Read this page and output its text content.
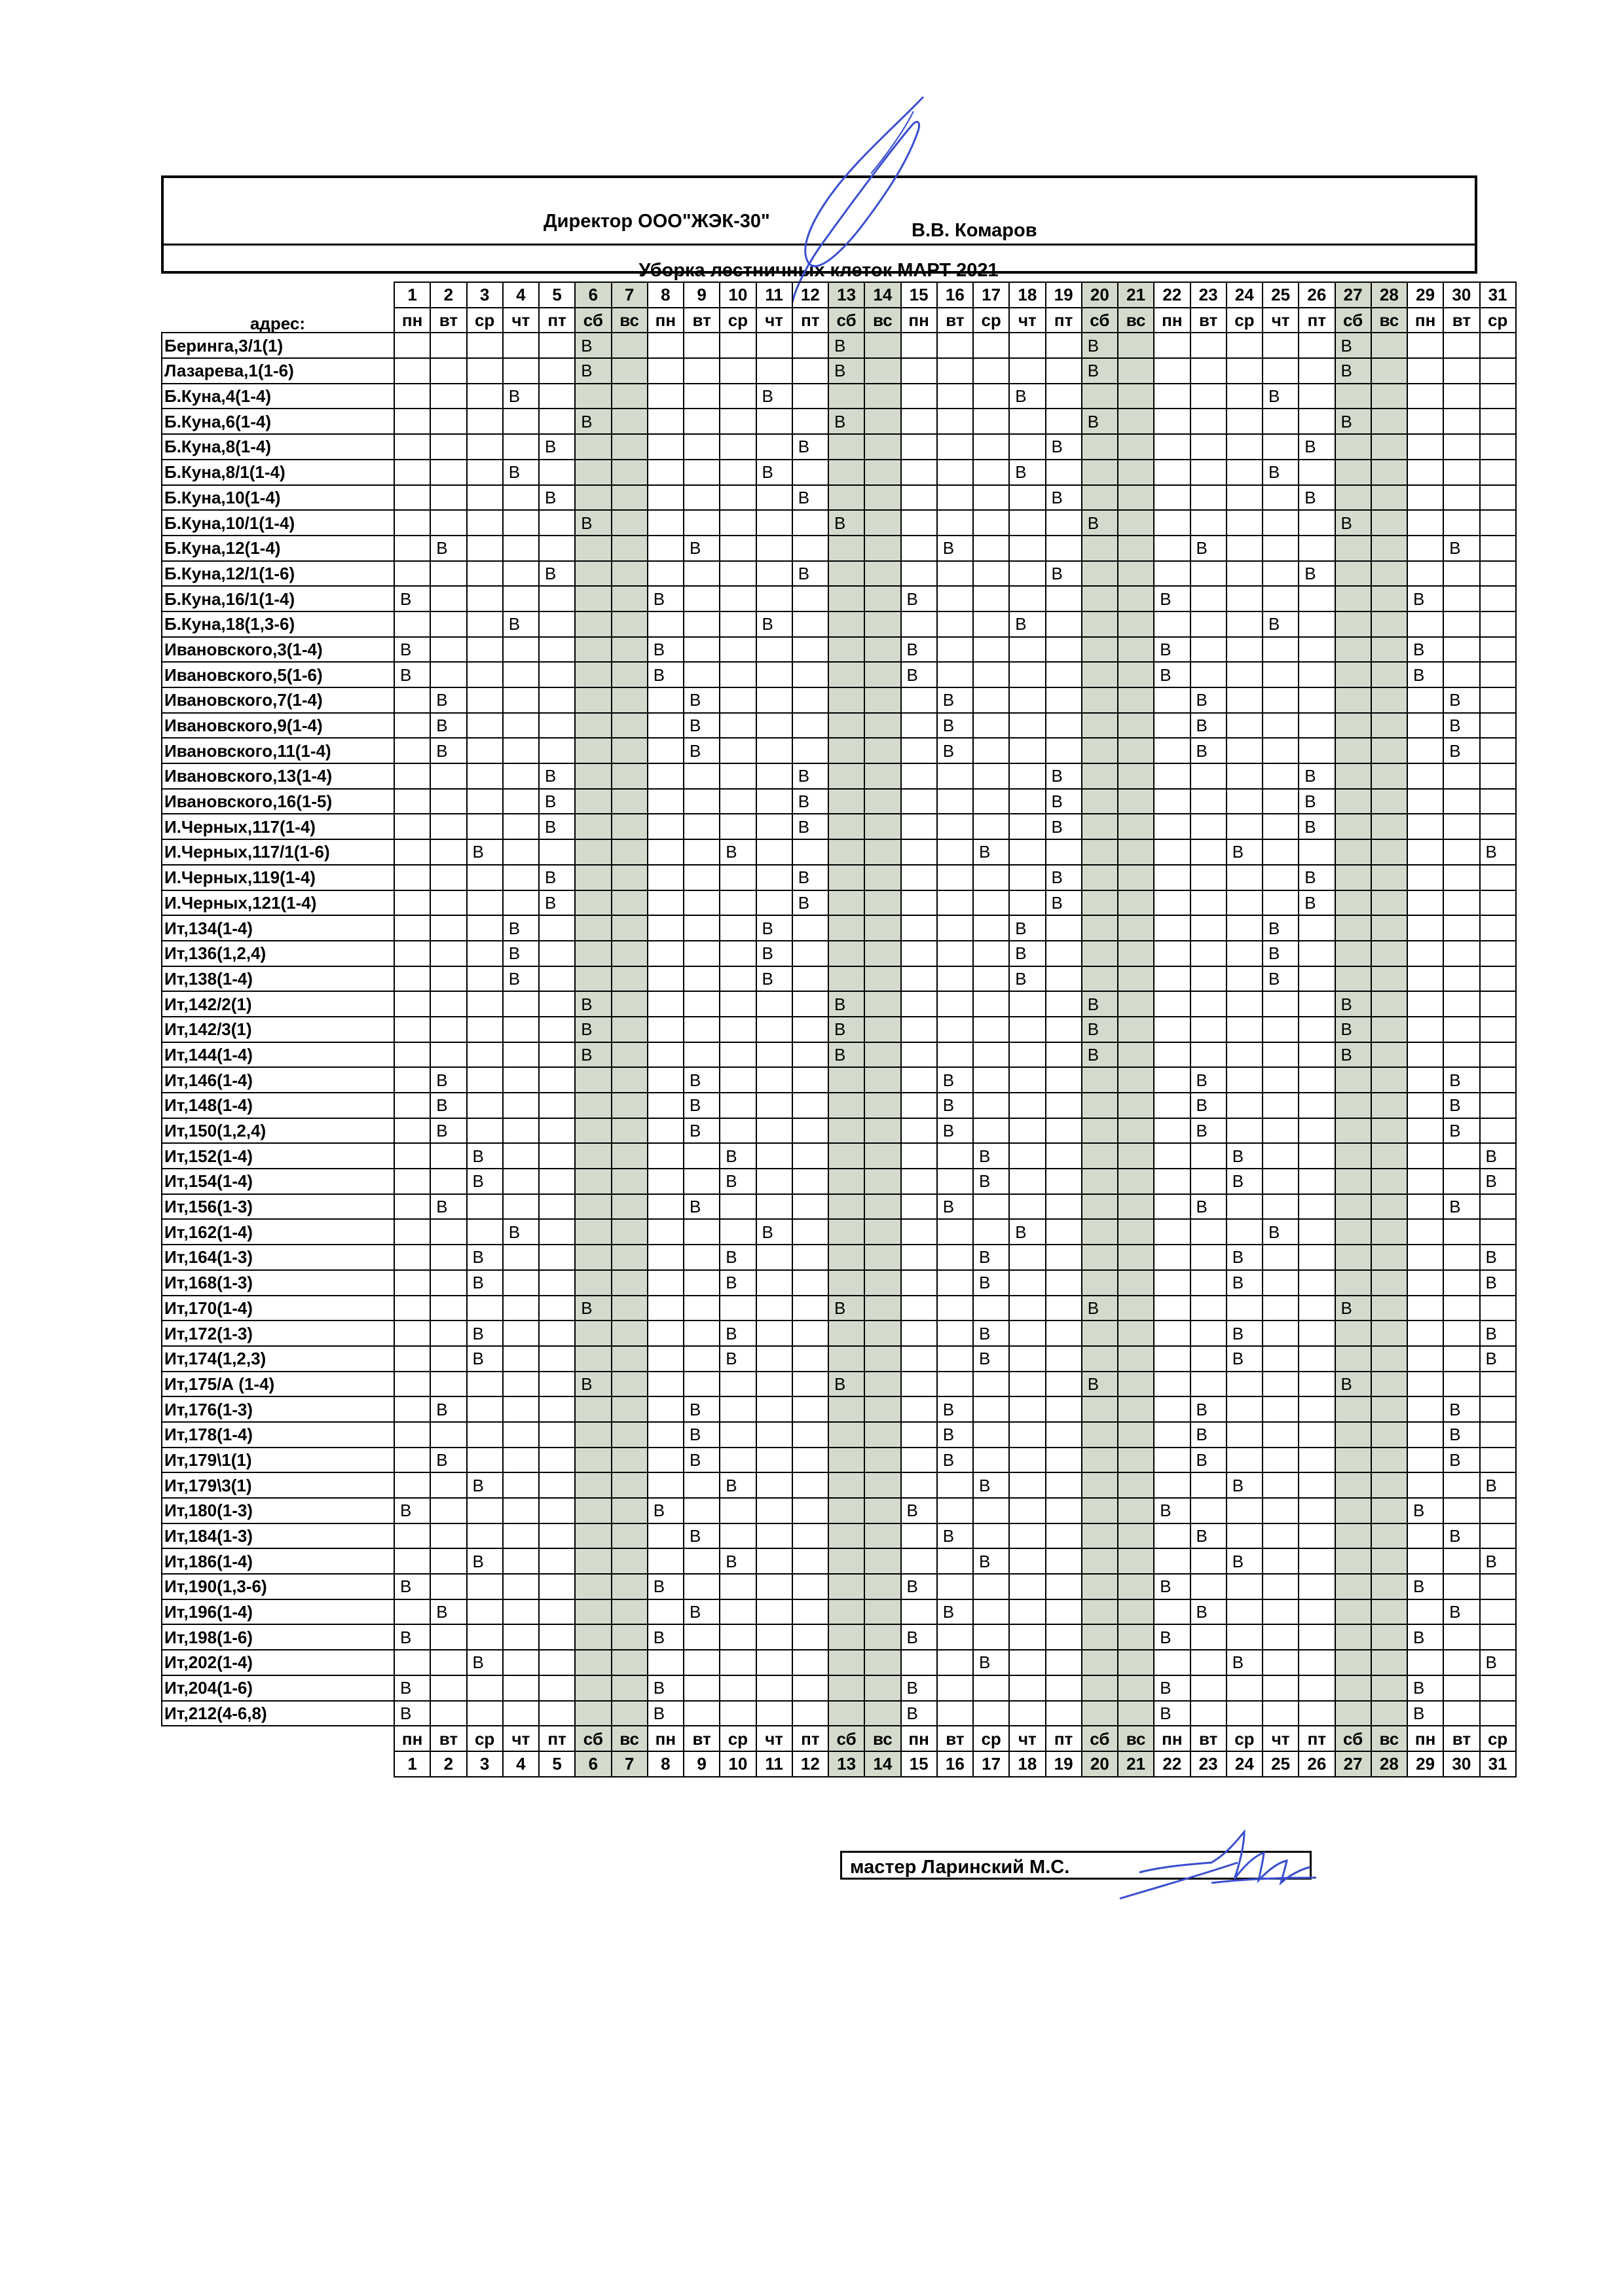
Директор ООО"ЖЭК-30"	В.В. Комаров
Уборка лестничных клеток МАРТ 2021
адрес:	1	2	3	4	5	6	7	8	9	10	11	12	13	14	15	16	17	18	19	20	21	22	23	24	25	26	27	28	29	30	31
	пн	вт	ср	чт	пт	сб	вс	пн	вт	ср	чт	пт	сб	вс	пн	вт	ср	чт	пт	сб	вс	пн	вт	ср	чт	пт	сб	вс	пн	вт	ср
Беринга,3/1(1)						В							В							В							В				
Лазарева,1(1-6)						В							В							В							В				
Б.Куна,4(1-4)				В							В							В							В						
Б.Куна,6(1-4)						В							В							В							В				
Б.Куна,8(1-4)					В							В							В							В					
Б.Куна,8/1(1-4)				В							В							В							В						
Б.Куна,10(1-4)					В							В							В							В					
Б.Куна,10/1(1-4)						В							В							В							В				
Б.Куна,12(1-4)		В							В							В							В							В	
Б.Куна,12/1(1-6)					В							В							В							В					
Б.Куна,16/1(1-4)	В							В							В							В							В		
Б.Куна,18(1,3-6)				В							В							В							В						
Ивановского,3(1-4)	В							В							В							В							В		
Ивановского,5(1-6)	В							В							В							В							В		
Ивановского,7(1-4)		В							В							В							В							В	
Ивановского,9(1-4)		В							В							В							В							В	
Ивановского,11(1-4)		В							В							В							В							В	
Ивановского,13(1-4)					В							В							В							В					
Ивановского,16(1-5)					В							В							В							В					
И.Черных,117(1-4)					В							В							В							В					
И.Черных,117/1(1-6)			В							В							В							В							В
И.Черных,119(1-4)					В							В							В							В					
И.Черных,121(1-4)					В							В							В							В					
Ит,134(1-4)				В							В							В							В						
Ит,136(1,2,4)				В							В							В							В						
Ит,138(1-4)				В							В							В							В						
Ит,142/2(1)						В							В							В							В				
Ит,142/3(1)						В							В							В							В				
Ит,144(1-4)						В							В							В							В				
Ит,146(1-4)		В							В							В							В							В	
Ит,148(1-4)		В							В							В							В							В	
Ит,150(1,2,4)		В							В							В							В							В	
Ит,152(1-4)			В							В							В							В							В
Ит,154(1-4)			В							В							В							В							В
Ит,156(1-3)		В							В							В							В							В	
Ит,162(1-4)				В							В							В							В						
Ит,164(1-3)			В							В							В							В							В
Ит,168(1-3)			В							В							В							В							В
Ит,170(1-4)						В							В							В							В				
Ит,172(1-3)			В							В							В							В							В
Ит,174(1,2,3)			В							В							В							В							В
Ит,175/А (1-4)						В							В							В							В				
Ит,176(1-3)		В							В							В							В							В	
Ит,178(1-4)									В							В							В							В	
Ит,179\1(1)		В							В							В							В							В	
Ит,179\3(1)			В							В							В							В							В
Ит,180(1-3)	В							В							В							В							В		
Ит,184(1-3)									В							В							В							В	
Ит,186(1-4)			В							В							В							В							В
Ит,190(1,3-6)	В							В							В							В							В		
Ит,196(1-4)		В							В							В							В							В	
Ит,198(1-6)	В							В							В							В							В		
Ит,202(1-4)			В														В							В							В
Ит,204(1-6)	В							В							В							В							В		
Ит,212(4-6,8)	В							В							В							В							В		
	пн	вт	ср	чт	пт	сб	вс	пн	вт	ср	чт	пт	сб	вс	пн	вт	ср	чт	пт	сб	вс	пн	вт	ср	чт	пт	сб	вс	пн	вт	ср
	1	2	3	4	5	6	7	8	9	10	11	12	13	14	15	16	17	18	19	20	21	22	23	24	25	26	27	28	29	30	31
мастер Ларинский М.С.
